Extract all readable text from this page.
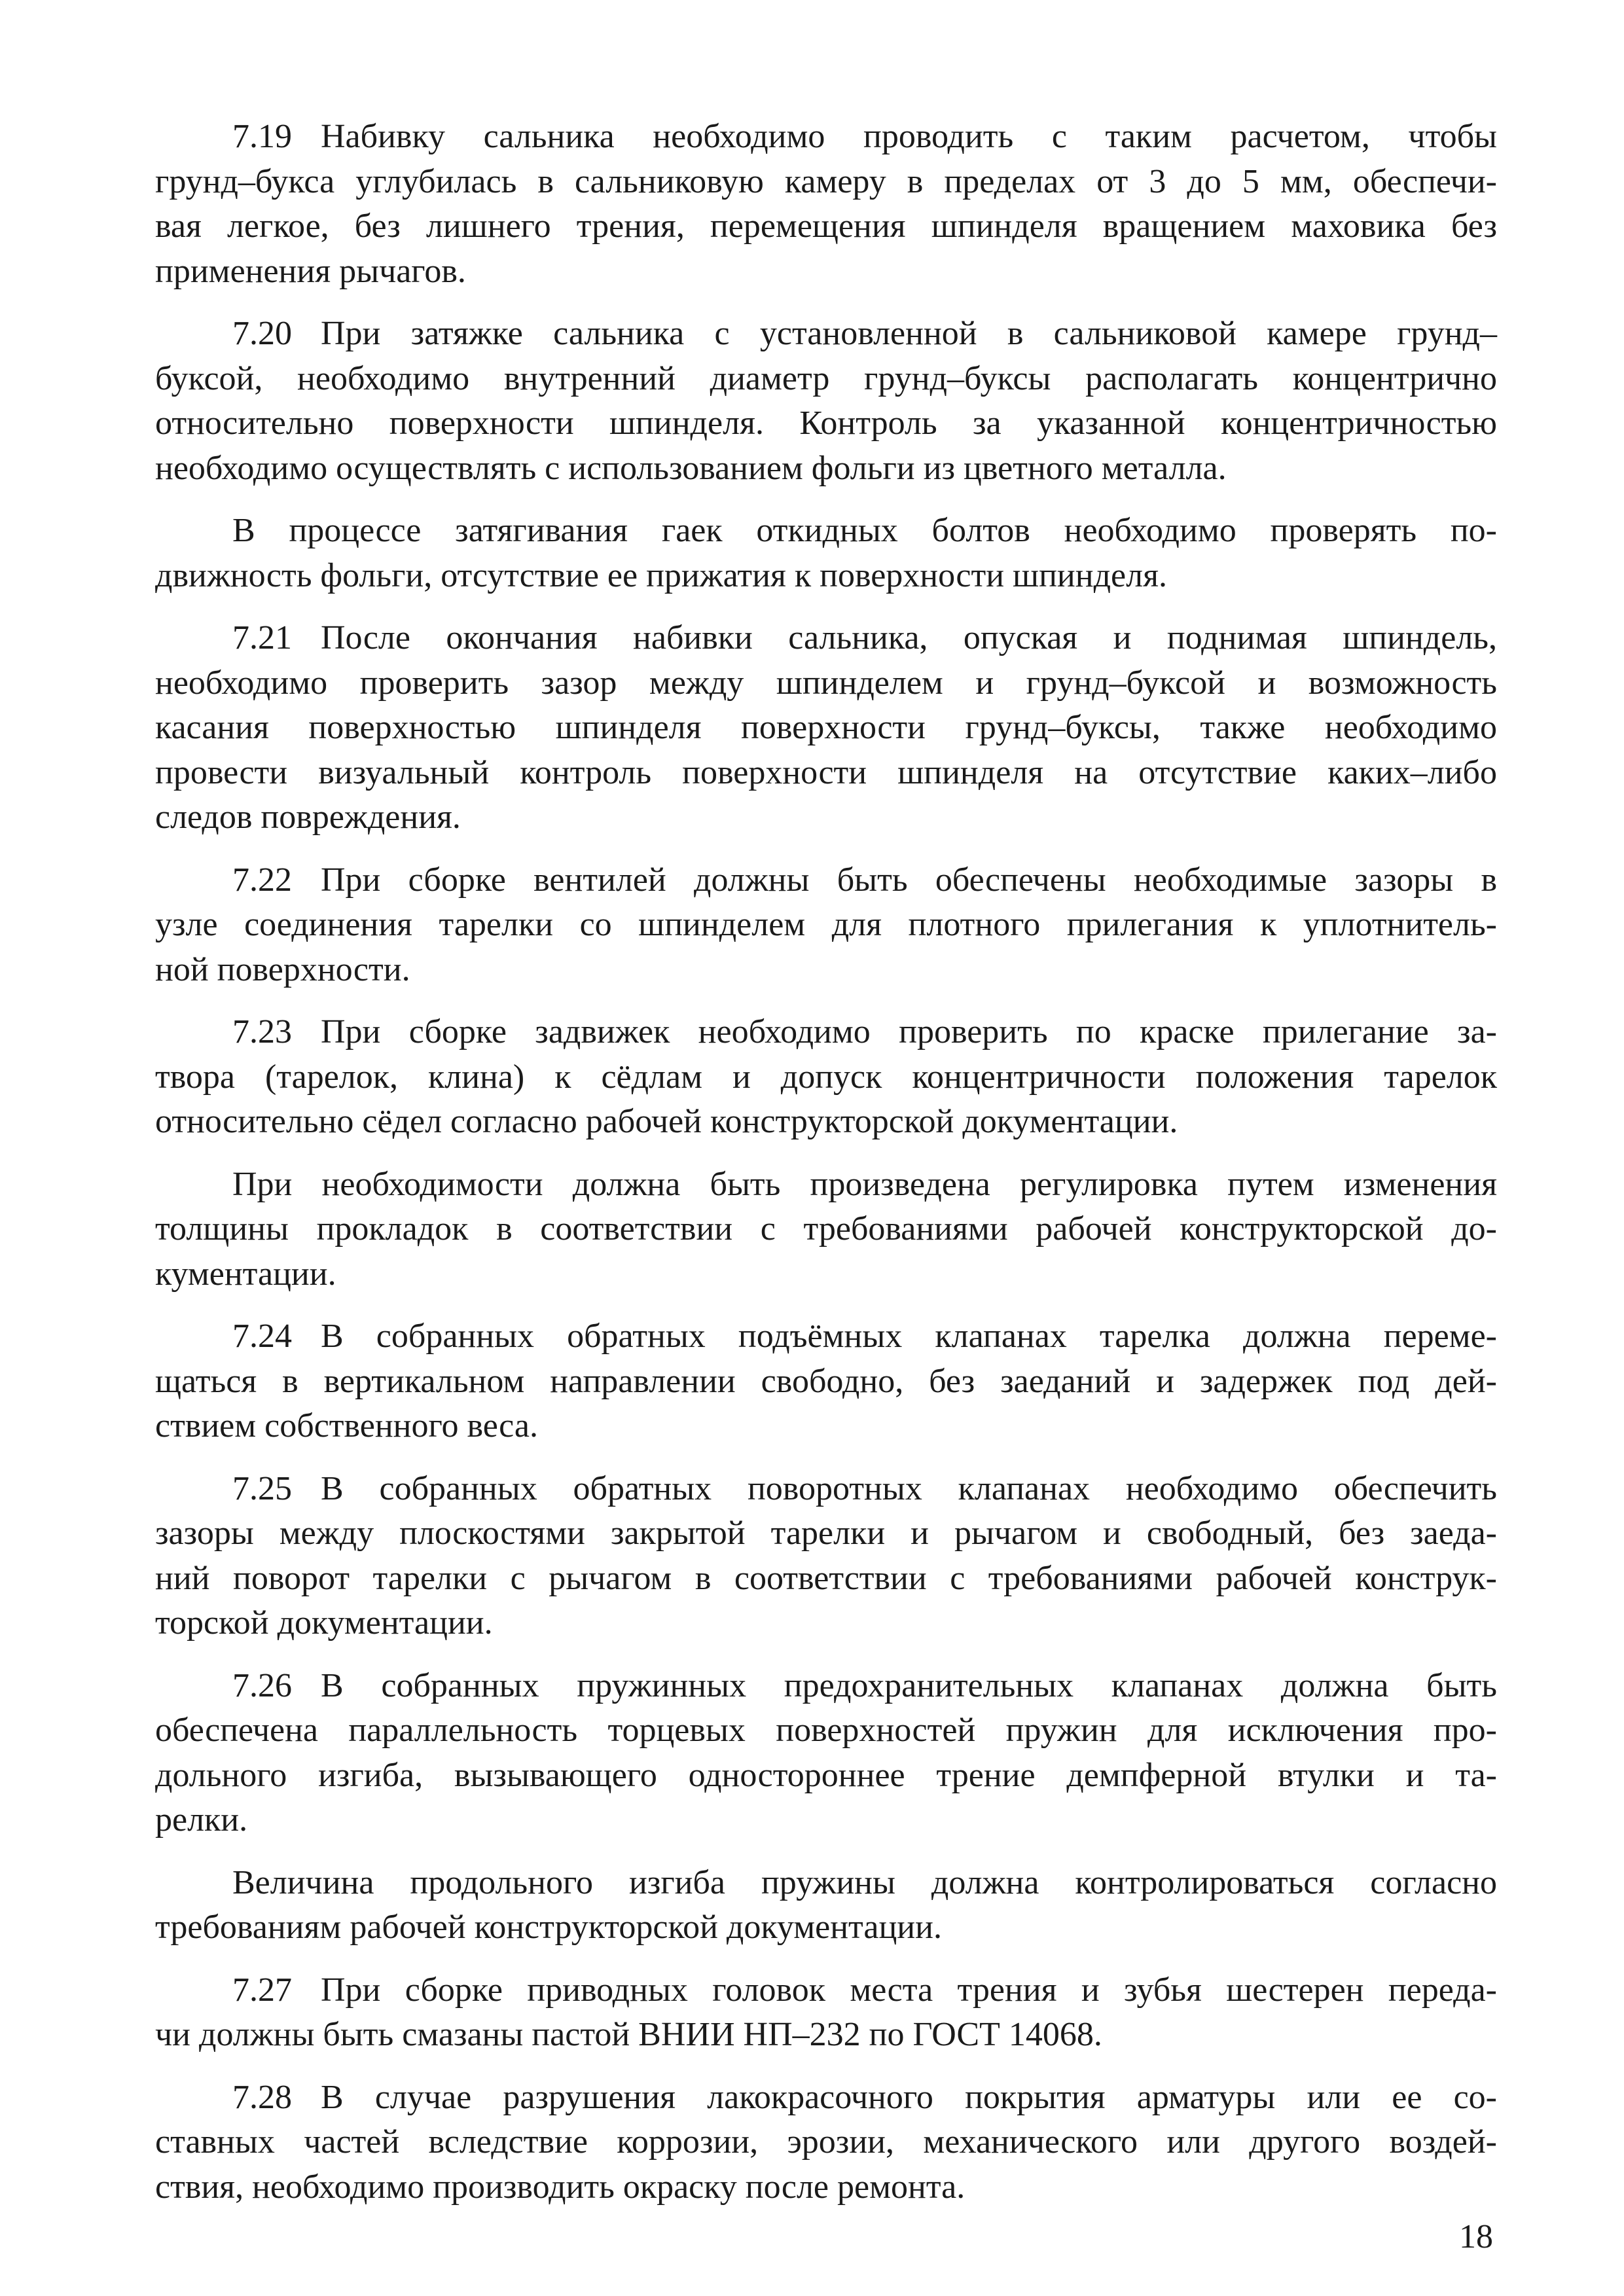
7.19 Набивку сальника необходимо проводить с таким расчетом, чтобы
грунд–букса углубилась в сальниковую камеру в пределах от 3 до 5 мм, обеспечи-
вая легкое, без лишнего трения, перемещения шпинделя вращением маховика без
применения рычагов.
7.20 При затяжке сальника с установленной в сальниковой камере грунд–
буксой, необходимо внутренний диаметр грунд–буксы располагать концентрично
относительно поверхности шпинделя. Контроль за указанной концентричностью
необходимо осуществлять с использованием фольги из цветного металла.
В процессе затягивания гаек откидных болтов необходимо проверять по-
движность фольги, отсутствие ее прижатия к поверхности шпинделя.
7.21 После окончания набивки сальника, опуская и поднимая шпиндель,
необходимо проверить зазор между шпинделем и грунд–буксой и возможность
касания поверхностью шпинделя поверхности грунд–буксы, также необходимо
провести визуальный контроль поверхности шпинделя на отсутствие каких–либо
следов повреждения.
7.22 При сборке вентилей должны быть обеспечены необходимые зазоры в
узле соединения тарелки со шпинделем для плотного прилегания к уплотнитель-
ной поверхности.
7.23 При сборке задвижек необходимо проверить по краске прилегание за-
твора (тарелок, клина) к сёдлам и допуск концентричности положения тарелок
относительно сёдел согласно рабочей конструкторской документации.
При необходимости должна быть произведена регулировка путем изменения
толщины прокладок в соответствии с требованиями рабочей конструкторской до-
кументации.
7.24 В собранных обратных подъёмных клапанах тарелка должна переме-
щаться в вертикальном направлении свободно, без заеданий и задержек под дей-
ствием собственного веса.
7.25 В собранных обратных поворотных клапанах необходимо обеспечить
зазоры между плоскостями закрытой тарелки и рычагом и свободный, без заеда-
ний поворот тарелки с рычагом в соответствии с требованиями рабочей конструк-
торской документации.
7.26 В собранных пружинных предохранительных клапанах должна быть
обеспечена параллельность торцевых поверхностей пружин для исключения про-
дольного изгиба, вызывающего одностороннее трение демпферной втулки и та-
релки.
Величина продольного изгиба пружины должна контролироваться согласно
требованиям рабочей конструкторской документации.
7.27 При сборке приводных головок места трения и зубья шестерен переда-
чи должны быть смазаны пастой ВНИИ НП–232 по ГОСТ 14068.
7.28 В случае разрушения лакокрасочного покрытия арматуры или ее со-
ставных частей вследствие коррозии, эрозии, механического или другого воздей-
ствия, необходимо производить окраску после ремонта.
18
